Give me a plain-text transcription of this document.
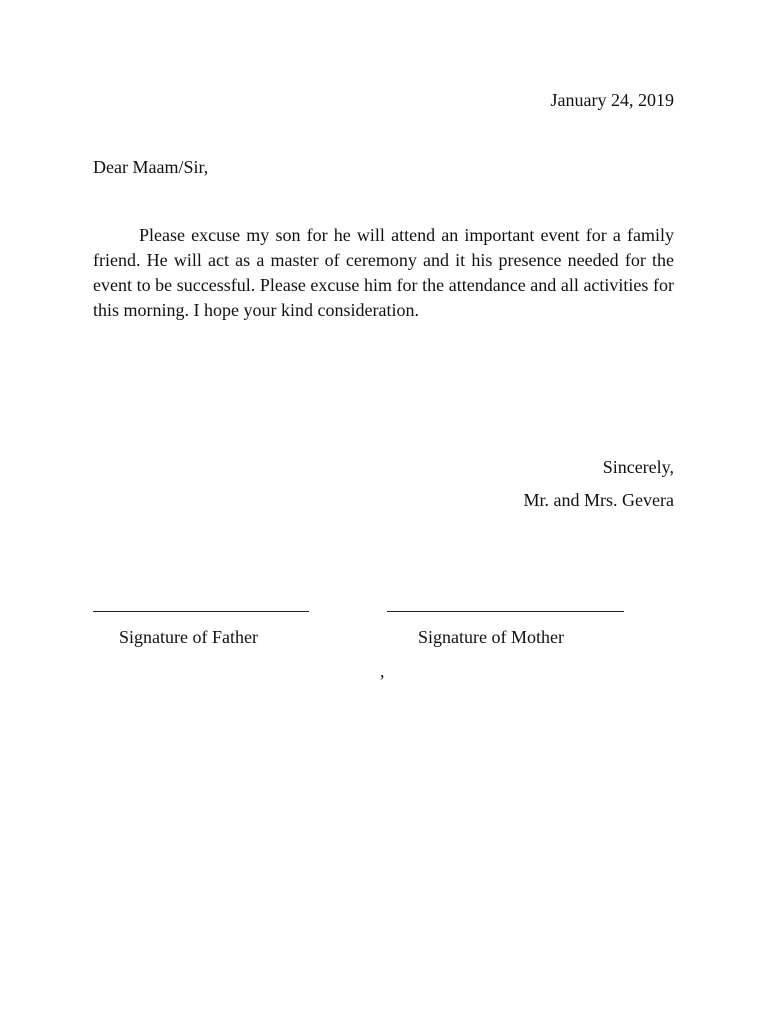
January 24, 2019
Dear Maam/Sir,

Please excuse my son for he will attend an important event for a family friend. He will act as a master of ceremony and it his presence needed for the event to be successful. Please excuse him for the attendance and all activities for this morning. I hope your kind consideration.

Sincerely,
Mr. and Mrs. Gevera
Signature of Father	Signature of Mother
,
